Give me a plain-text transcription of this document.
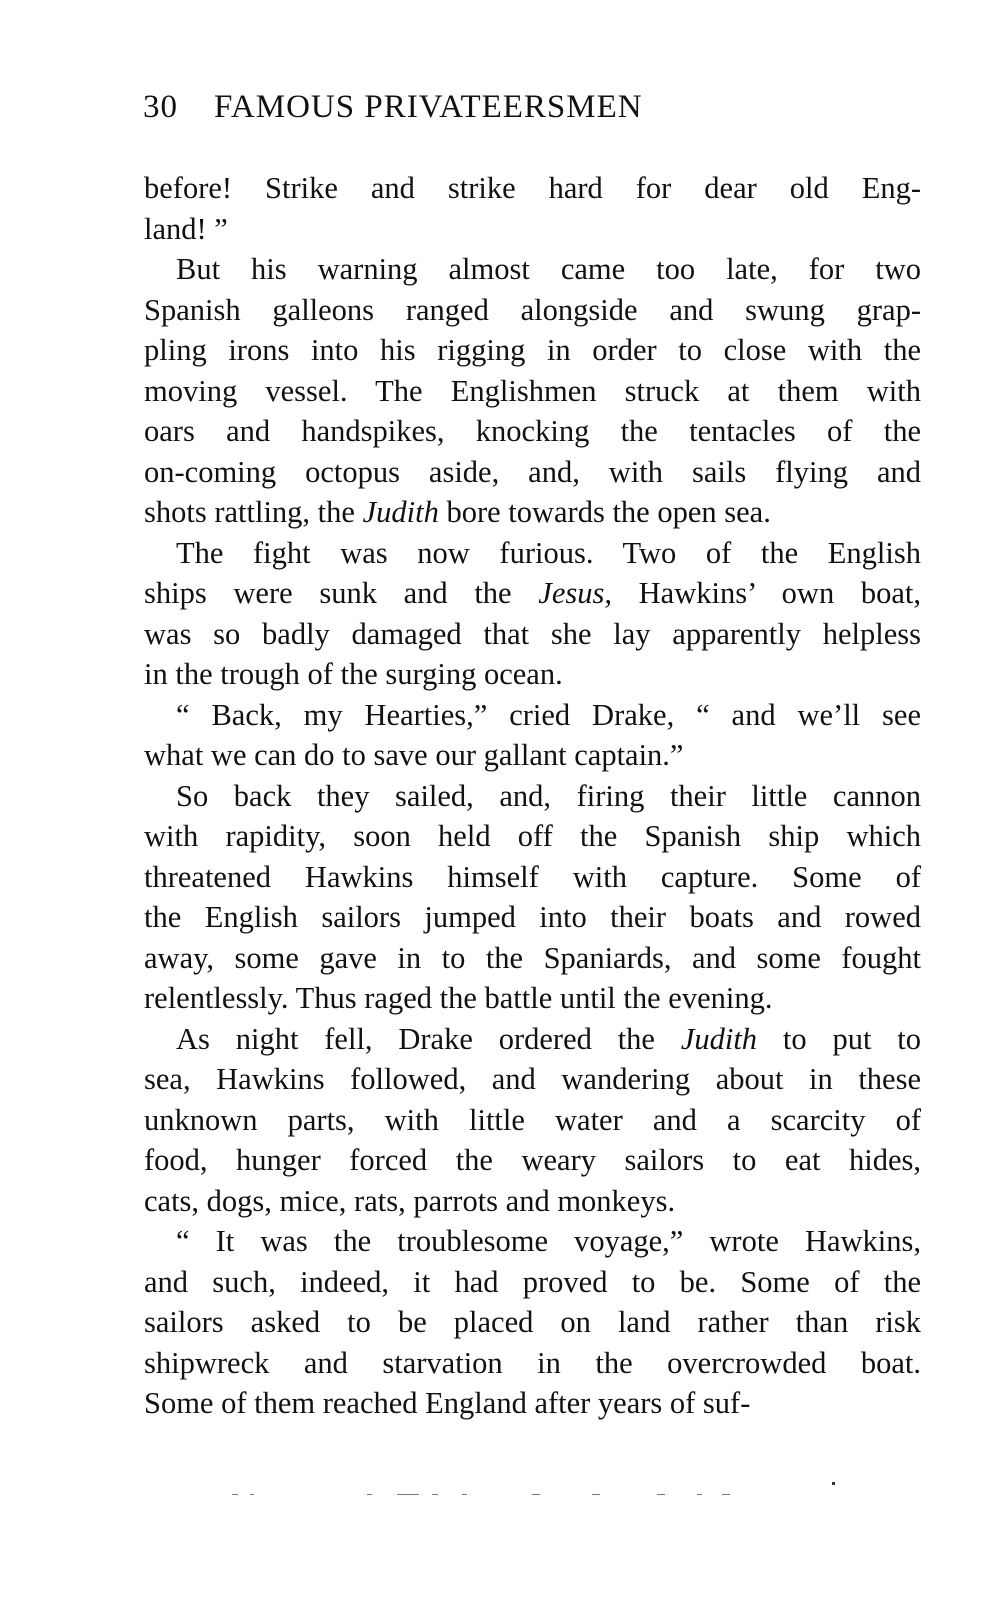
30 FAMOUS PRIVATEERSMEN
before! Strike and strike hard for dear old Eng-
land! ”
But his warning almost came too late, for two
Spanish galleons ranged alongside and swung grap-
pling irons into his rigging in order to close with the
moving vessel. The Englishmen struck at them with
oars and handspikes, knocking the tentacles of the
on-coming octopus aside, and, with sails flying and
shots rattling, the Judith bore towards the open sea.
The fight was now furious. Two of the English
ships were sunk and the Jesus, Hawkins’ own boat,
was so badly damaged that she lay apparently helpless
in the trough of the surging ocean.
“ Back, my Hearties,” cried Drake, “ and we’ll see
what we can do to save our gallant captain.”
So back they sailed, and, firing their little cannon
with rapidity, soon held off the Spanish ship which
threatened Hawkins himself with capture. Some of
the English sailors jumped into their boats and rowed
away, some gave in to the Spaniards, and some fought
relentlessly. Thus raged the battle until the evening.
As night fell, Drake ordered the Judith to put to
sea, Hawkins followed, and wandering about in these
unknown parts, with little water and a scarcity of
food, hunger forced the weary sailors to eat hides,
cats, dogs, mice, rats, parrots and monkeys.
“ It was the troublesome voyage,” wrote Hawkins,
and such, indeed, it had proved to be. Some of the
sailors asked to be placed on land rather than risk
shipwreck and starvation in the overcrowded boat.
Some of them reached England after years of suf-
